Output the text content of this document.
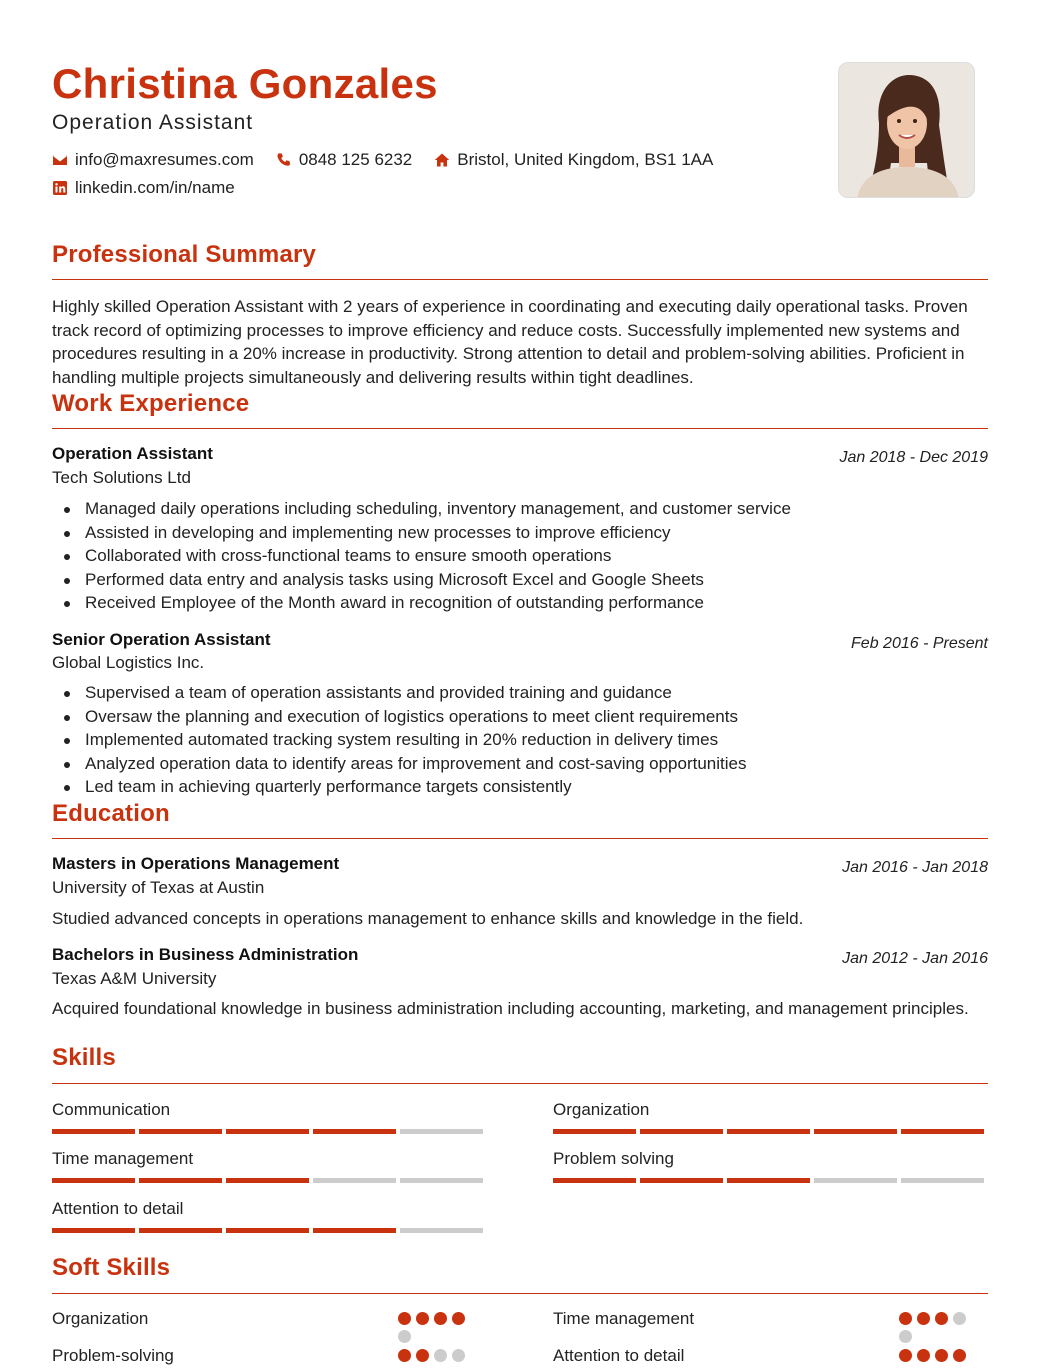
Christina Gonzales
Operation Assistant
info@maxresumes.com	0848 125 6232	Bristol, United Kingdom, BS1 1AA
linkedin.com/in/name
Professional Summary
Highly skilled Operation Assistant with 2 years of experience in coordinating and executing daily operational tasks. Proven track record of optimizing processes to improve efficiency and reduce costs. Successfully implemented new systems and procedures resulting in a 20% increase in productivity. Strong attention to detail and problem-solving abilities. Proficient in handling multiple projects simultaneously and delivering results within tight deadlines.
Work Experience
Operation Assistant	Jan 2018 - Dec 2019
Tech Solutions Ltd
Managed daily operations including scheduling, inventory management, and customer service
Assisted in developing and implementing new processes to improve efficiency
Collaborated with cross-functional teams to ensure smooth operations
Performed data entry and analysis tasks using Microsoft Excel and Google Sheets
Received Employee of the Month award in recognition of outstanding performance
Senior Operation Assistant	Feb 2016 - Present
Global Logistics Inc.
Supervised a team of operation assistants and provided training and guidance
Oversaw the planning and execution of logistics operations to meet client requirements
Implemented automated tracking system resulting in 20% reduction in delivery times
Analyzed operation data to identify areas for improvement and cost-saving opportunities
Led team in achieving quarterly performance targets consistently
Education
Masters in Operations Management	Jan 2016 - Jan 2018
University of Texas at Austin
Studied advanced concepts in operations management to enhance skills and knowledge in the field.
Bachelors in Business Administration	Jan 2012 - Jan 2016
Texas A&M University
Acquired foundational knowledge in business administration including accounting, marketing, and management principles.
Skills
Communication	Organization
Time management	Problem solving
Attention to detail
Soft Skills
Organization	Time management
Problem-solving	Attention to detail
